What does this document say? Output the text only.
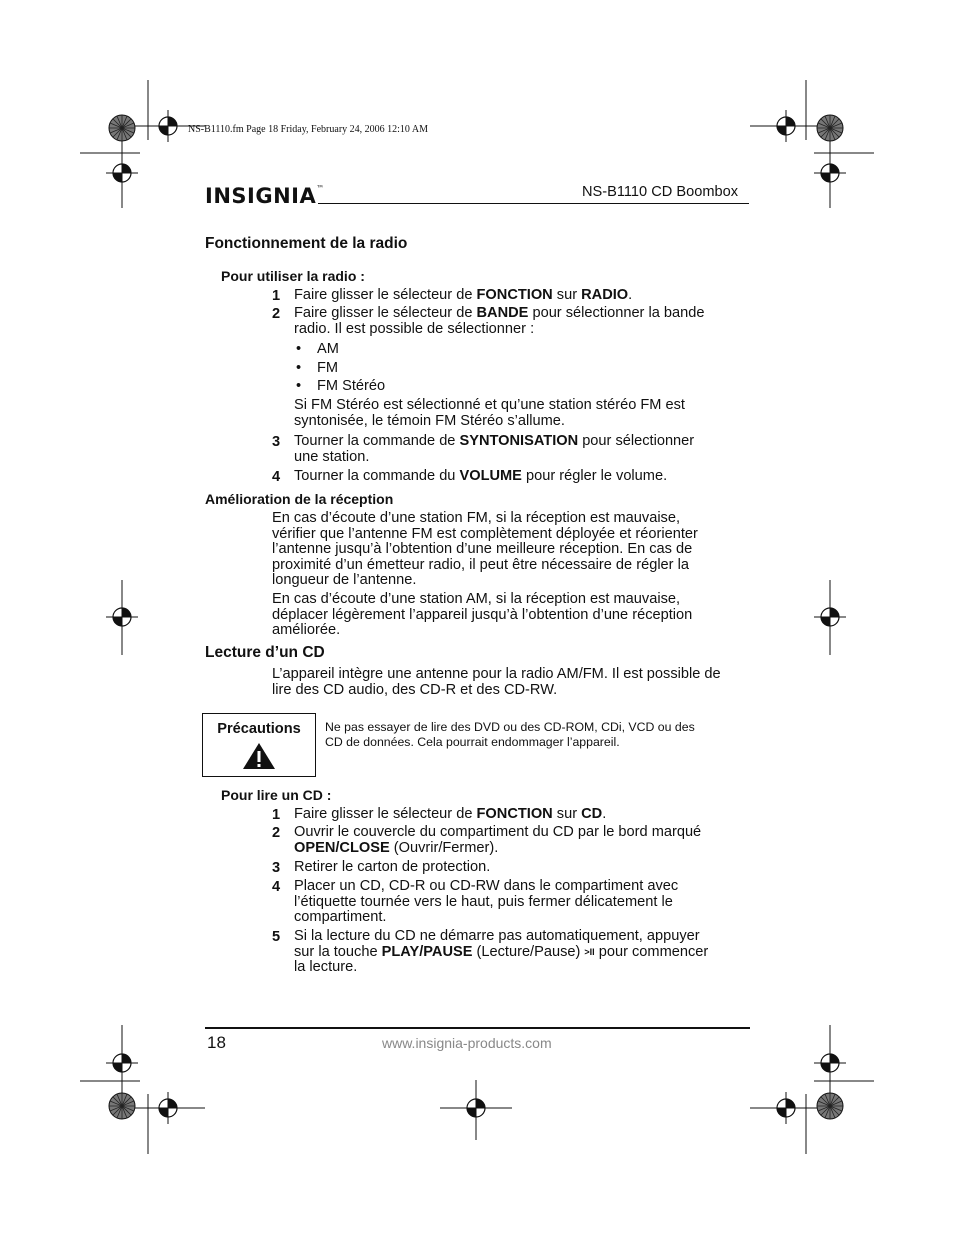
NS-B1110.fm Page 18 Friday, February 24, 2006 12:10 AM
INSIGNIA™	NS-B1110 CD Boombox
Fonctionnement de la radio
Pour utiliser la radio :
1 Faire glisser le sélecteur de FONCTION sur RADIO.
2 Faire glisser le sélecteur de BANDE pour sélectionner la bande
radio. Il est possible de sélectionner :
• AM
• FM
• FM Stéréo
Si FM Stéréo est sélectionné et qu’une station stéréo FM est
syntonisée, le témoin FM Stéréo s’allume.
3 Tourner la commande de SYNTONISATION pour sélectionner
une station.
4 Tourner la commande du VOLUME pour régler le volume.
Amélioration de la réception
En cas d’écoute d’une station FM, si la réception est mauvaise,
vérifier que l’antenne FM est complètement déployée et réorienter
l’antenne jusqu’à l’obtention d’une meilleure réception. En cas de
proximité d’un émetteur radio, il peut être nécessaire de régler la
longueur de l’antenne.
En cas d’écoute d’une station AM, si la réception est mauvaise,
déplacer légèrement l’appareil jusqu’à l’obtention d’une réception
améliorée.
Lecture d’un CD
L’appareil intègre une antenne pour la radio AM/FM. Il est possible de
lire des CD audio, des CD-R et des CD-RW.
Précautions	Ne pas essayer de lire des DVD ou des CD-ROM, CDi, VCD ou des
CD de données. Cela pourrait endommager l’appareil.
Pour lire un CD :
1 Faire glisser le sélecteur de FONCTION sur CD.
2 Ouvrir le couvercle du compartiment du CD par le bord marqué
OPEN/CLOSE (Ouvrir/Fermer).
3 Retirer le carton de protection.
4 Placer un CD, CD-R ou CD-RW dans le compartiment avec
l’étiquette tournée vers le haut, puis fermer délicatement le
compartiment.
5 Si la lecture du CD ne démarre pas automatiquement, appuyer
sur la touche PLAY/PAUSE (Lecture/Pause) $^{>II}$ pour commencer
la lecture.
18	www.insignia-products.com
